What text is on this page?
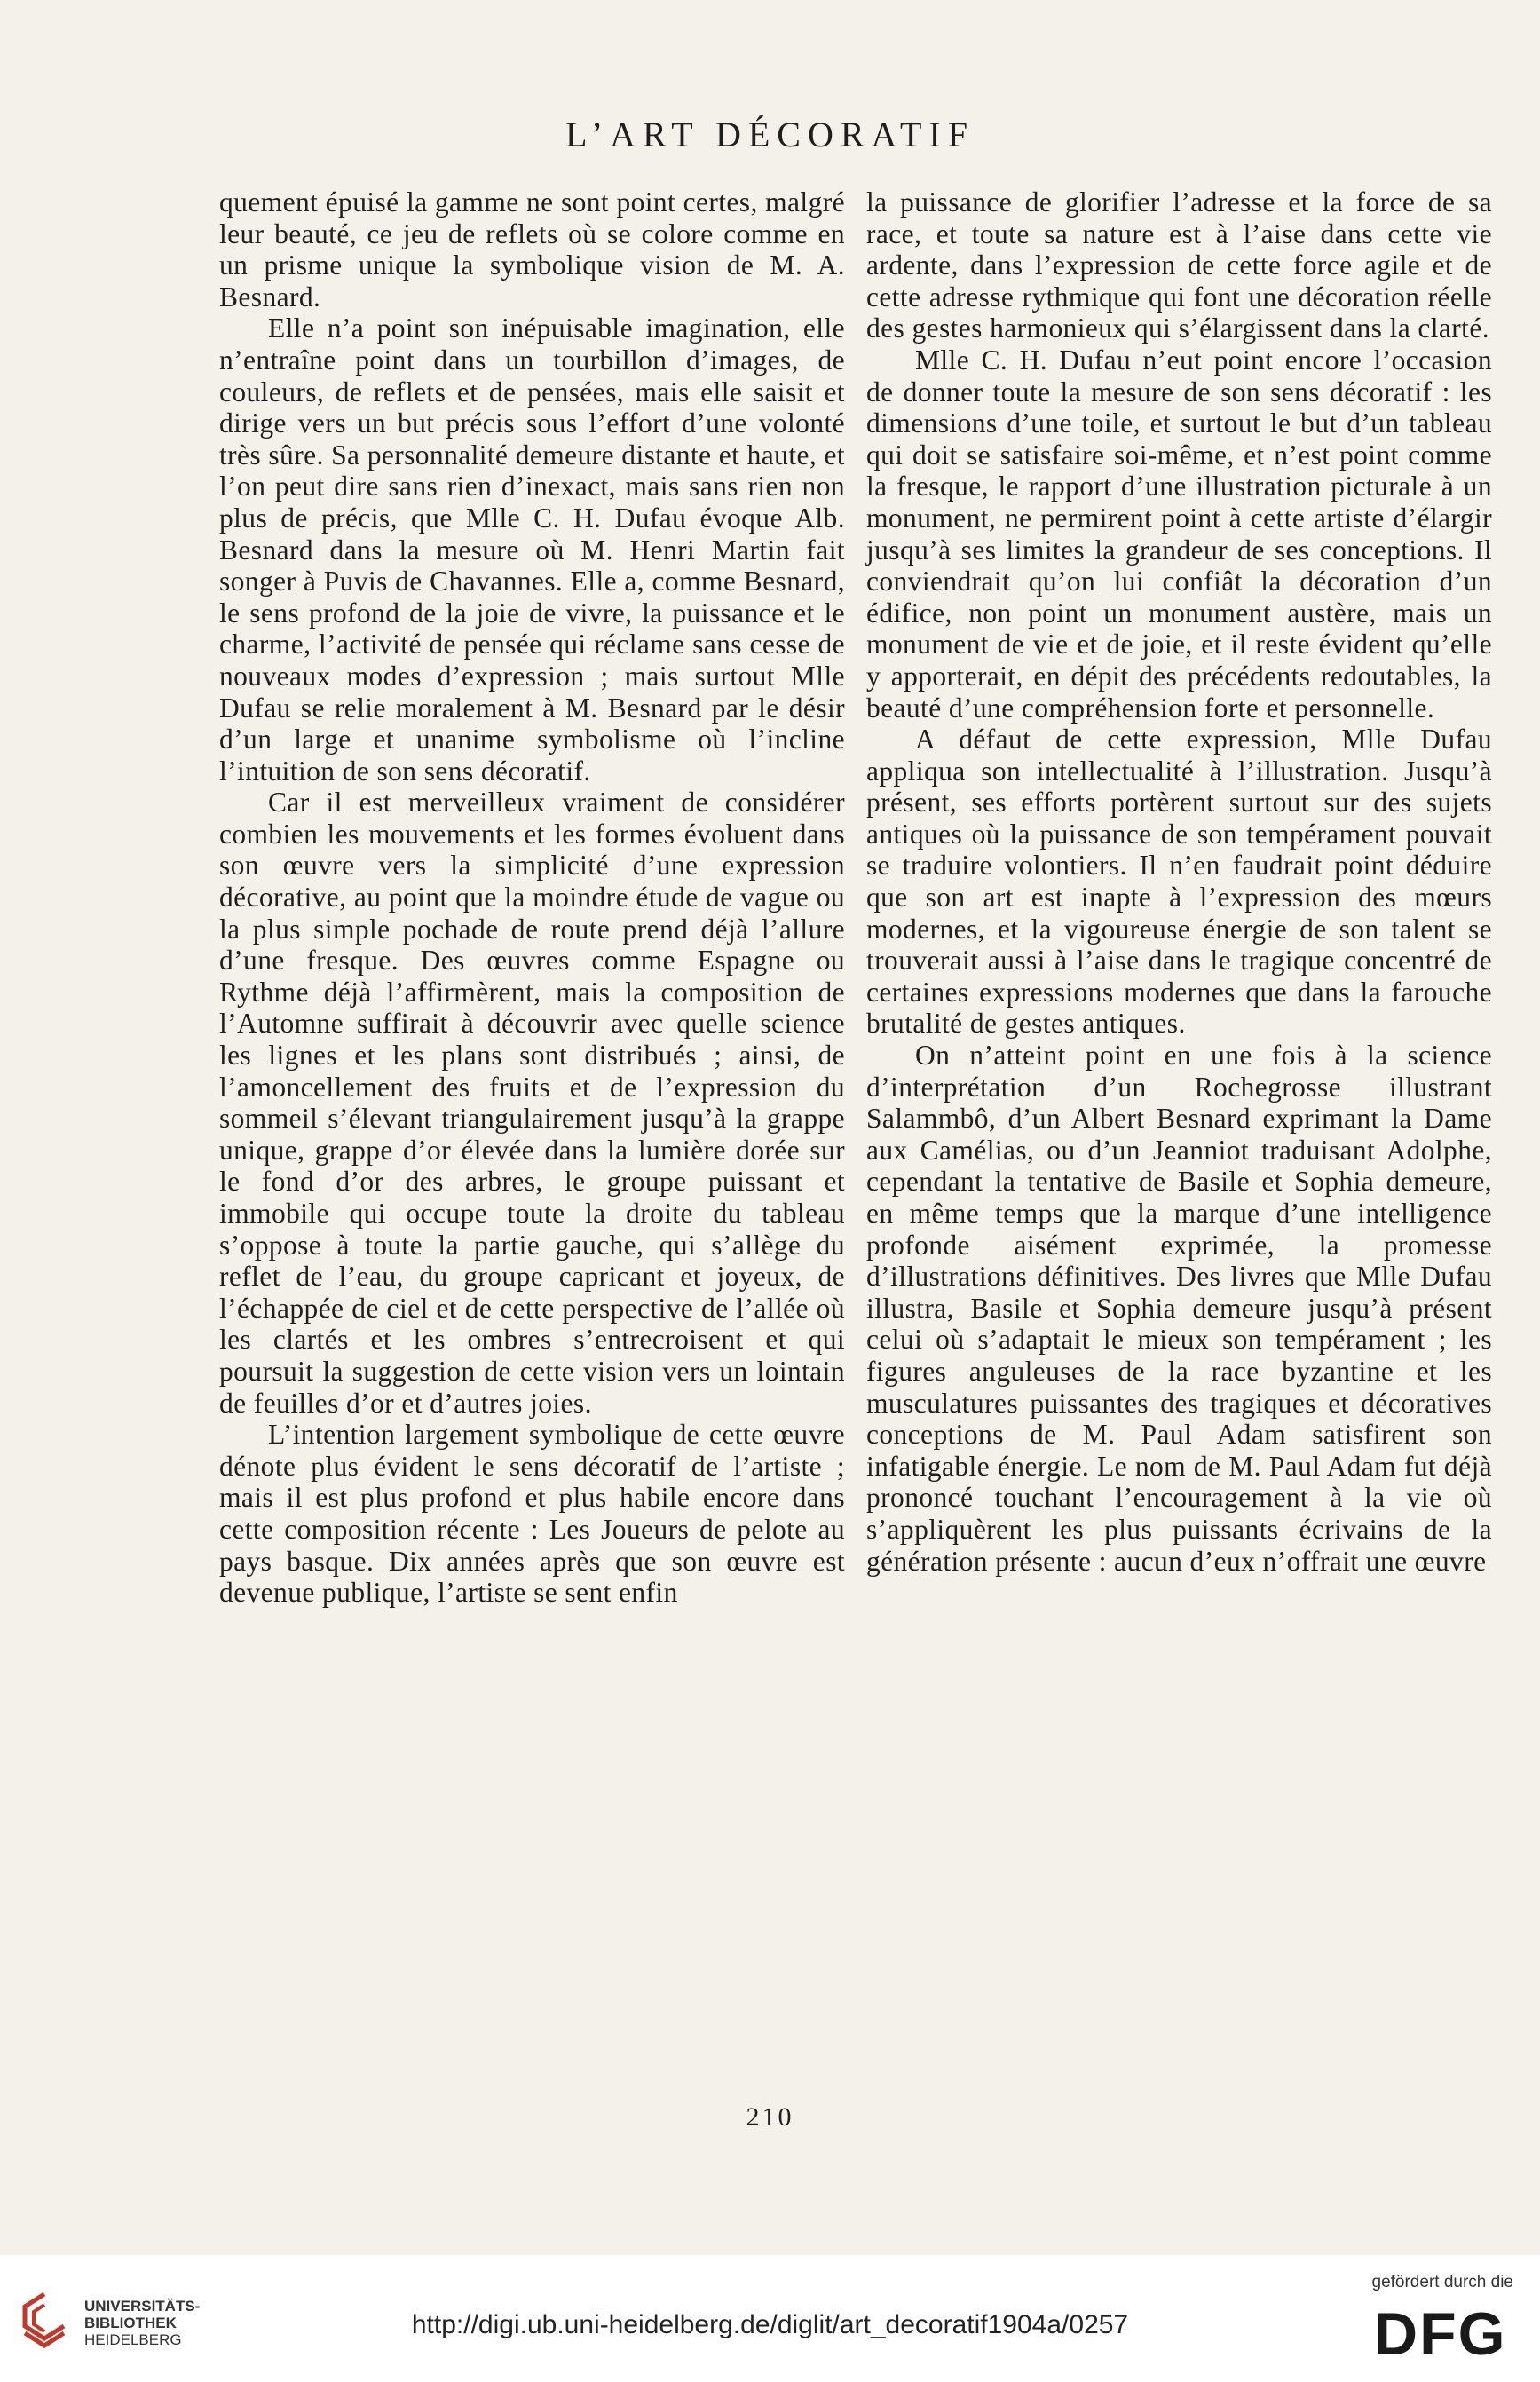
L’ART DÉCORATIF

quement épuisé la gamme ne sont point certes, malgré leur beauté, ce jeu de reflets où se colore comme en un prisme unique la symbolique vision de M. A. Besnard.

Elle n’a point son inépuisable imagination, elle n’entraîne point dans un tourbillon d’images, de couleurs, de reflets et de pensées, mais elle saisit et dirige vers un but précis sous l’effort d’une volonté très sûre. Sa personnalité demeure distante et haute, et l’on peut dire sans rien d’inexact, mais sans rien non plus de précis, que Mlle C. H. Dufau évoque Alb. Besnard dans la mesure où M. Henri Martin fait songer à Puvis de Chavannes. Elle a, comme Besnard, le sens profond de la joie de vivre, la puissance et le charme, l’activité de pensée qui réclame sans cesse de nouveaux modes d’expression ; mais surtout Mlle Dufau se relie moralement à M. Besnard par le désir d’un large et unanime symbolisme où l’incline l’intuition de son sens décoratif.

Car il est merveilleux vraiment de considérer combien les mouvements et les formes évoluent dans son œuvre vers la simplicité d’une expression décorative, au point que la moindre étude de vague ou la plus simple pochade de route prend déjà l’allure d’une fresque. Des œuvres comme Espagne ou Rythme déjà l’affirmèrent, mais la composition de l’Automne suffirait à découvrir avec quelle science les lignes et les plans sont distribués ; ainsi, de l’amoncellement des fruits et de l’expression du sommeil s’élevant triangulairement jusqu’à la grappe unique, grappe d’or élevée dans la lumière dorée sur le fond d’or des arbres, le groupe puissant et immobile qui occupe toute la droite du tableau s’oppose à toute la partie gauche, qui s’allège du reflet de l’eau, du groupe capricant et joyeux, de l’échappée de ciel et de cette perspective de l’allée où les clartés et les ombres s’entrecroisent et qui poursuit la suggestion de cette vision vers un lointain de feuilles d’or et d’autres joies.

L’intention largement symbolique de cette œuvre dénote plus évident le sens décoratif de l’artiste ; mais il est plus profond et plus habile encore dans cette composition récente : Les Joueurs de pelote au pays basque. Dix années après que son œuvre est devenue publique, l’artiste se sent enfin

la puissance de glorifier l’adresse et la force de sa race, et toute sa nature est à l’aise dans cette vie ardente, dans l’expression de cette force agile et de cette adresse rythmique qui font une décoration réelle des gestes harmonieux qui s’élargissent dans la clarté.

Mlle C. H. Dufau n’eut point encore l’occasion de donner toute la mesure de son sens décoratif : les dimensions d’une toile, et surtout le but d’un tableau qui doit se satisfaire soi-même, et n’est point comme la fresque, le rapport d’une illustration picturale à un monument, ne permirent point à cette artiste d’élargir jusqu’à ses limites la grandeur de ses conceptions. Il conviendrait qu’on lui confiât la décoration d’un édifice, non point un monument austère, mais un monument de vie et de joie, et il reste évident qu’elle y apporterait, en dépit des précédents redoutables, la beauté d’une compréhension forte et personnelle.

A défaut de cette expression, Mlle Dufau appliqua son intellectualité à l’illustration. Jusqu’à présent, ses efforts portèrent surtout sur des sujets antiques où la puissance de son tempérament pouvait se traduire volontiers. Il n’en faudrait point déduire que son art est inapte à l’expression des mœurs modernes, et la vigoureuse énergie de son talent se trouverait aussi à l’aise dans le tragique concentré de certaines expressions modernes que dans la farouche brutalité de gestes antiques.

On n’atteint point en une fois à la science d’interprétation d’un Rochegrosse illustrant Salammbô, d’un Albert Besnard exprimant la Dame aux Camélias, ou d’un Jeanniot traduisant Adolphe, cependant la tentative de Basile et Sophia demeure, en même temps que la marque d’une intelligence profonde aisément exprimée, la promesse d’illustrations définitives. Des livres que Mlle Dufau illustra, Basile et Sophia demeure jusqu’à présent celui où s’adaptait le mieux son tempérament ; les figures anguleuses de la race byzantine et les musculatures puissantes des tragiques et décoratives conceptions de M. Paul Adam satisfirent son infatigable énergie. Le nom de M. Paul Adam fut déjà prononcé touchant l’encouragement à la vie où s’appliquèrent les plus puissants écrivains de la génération présente : aucun d’eux n’offrait une œuvre

210
UNIVERSITÄTS-
BIBLIOTHEK
HEIDELBERG
http://digi.ub.uni-heidelberg.de/diglit/art_decoratif1904a/0257
gefördert durch die
DFG
